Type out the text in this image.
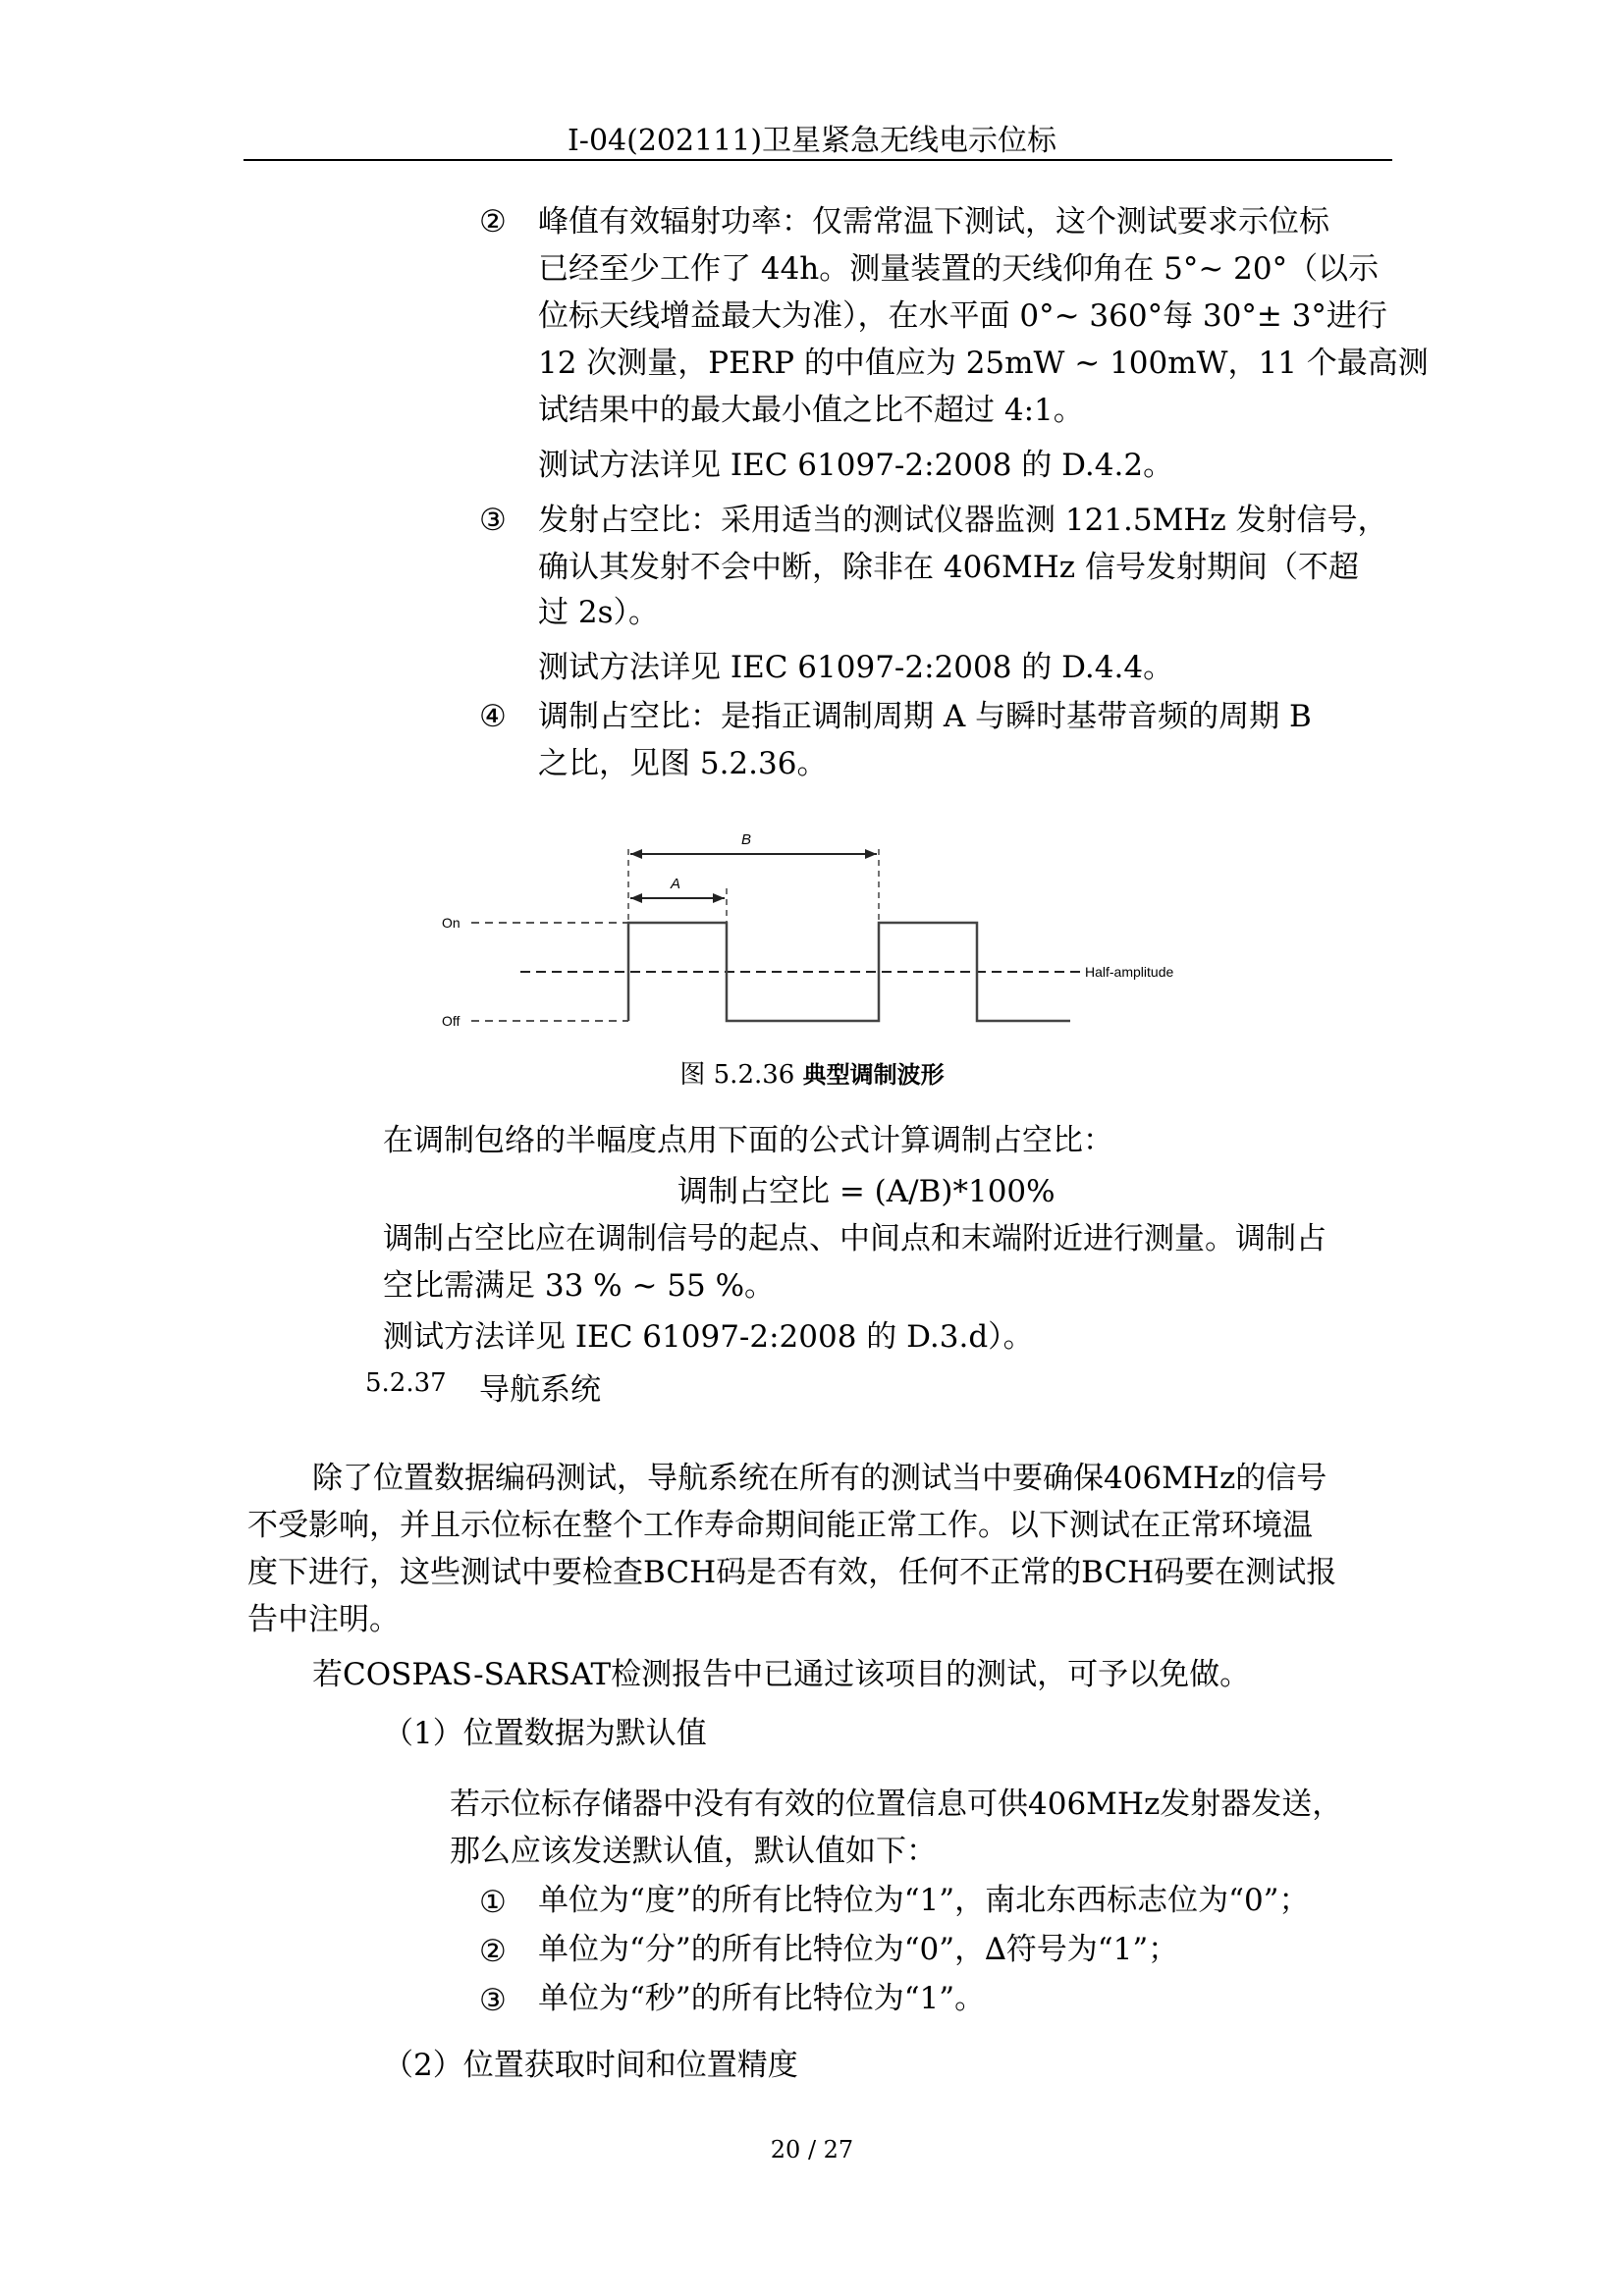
I-04(202111)卫星紧急无线电示位标
② 峰值有效辐射功率：仅需常温下测试，这个测试要求示位标
已经至少工作了 44h。测量装置的天线仰角在 5°~ 20°（以示
位标天线增益最大为准），在水平面 0°~ 360°每 30°± 3°进行
12 次测量，PERP 的中值应为 25mW ~ 100mW，11 个最高测
试结果中的最大最小值之比不超过 4:1。
测试方法详见 IEC 61097-2:2008 的 D.4.2。
③ 发射占空比：采用适当的测试仪器监测 121.5MHz 发射信号，
确认其发射不会中断，除非在 406MHz 信号发射期间（不超
过 2s）。
测试方法详见 IEC 61097-2:2008 的 D.4.4。
④ 调制占空比：是指正调制周期 A 与瞬时基带音频的周期 B
之比，见图 5.2.36。
B
A
On
Off
Half-amplitude
图 5.2.36 典型调制波形
在调制包络的半幅度点用下面的公式计算调制占空比：
调制占空比 = (A/B)*100%
调制占空比应在调制信号的起点、中间点和末端附近进行测量。调制占
空比需满足 33 % ~ 55 %。
测试方法详见 IEC 61097-2:2008 的 D.3.d）。
5.2.37 导航系统
除了位置数据编码测试，导航系统在所有的测试当中要确保406MHz的信号
不受影响，并且示位标在整个工作寿命期间能正常工作。以下测试在正常环境温
度下进行，这些测试中要检查BCH码是否有效，任何不正常的BCH码要在测试报
告中注明。
若COSPAS-SARSAT检测报告中已通过该项目的测试，可予以免做。
（1）位置数据为默认值
若示位标存储器中没有有效的位置信息可供406MHz发射器发送，
那么应该发送默认值，默认值如下：
① 单位为“度”的所有比特位为“1”，南北东西标志位为“0”；
② 单位为“分”的所有比特位为“0”，∆符号为“1”；
③ 单位为“秒”的所有比特位为“1”。
（2）位置获取时间和位置精度
20 / 27
